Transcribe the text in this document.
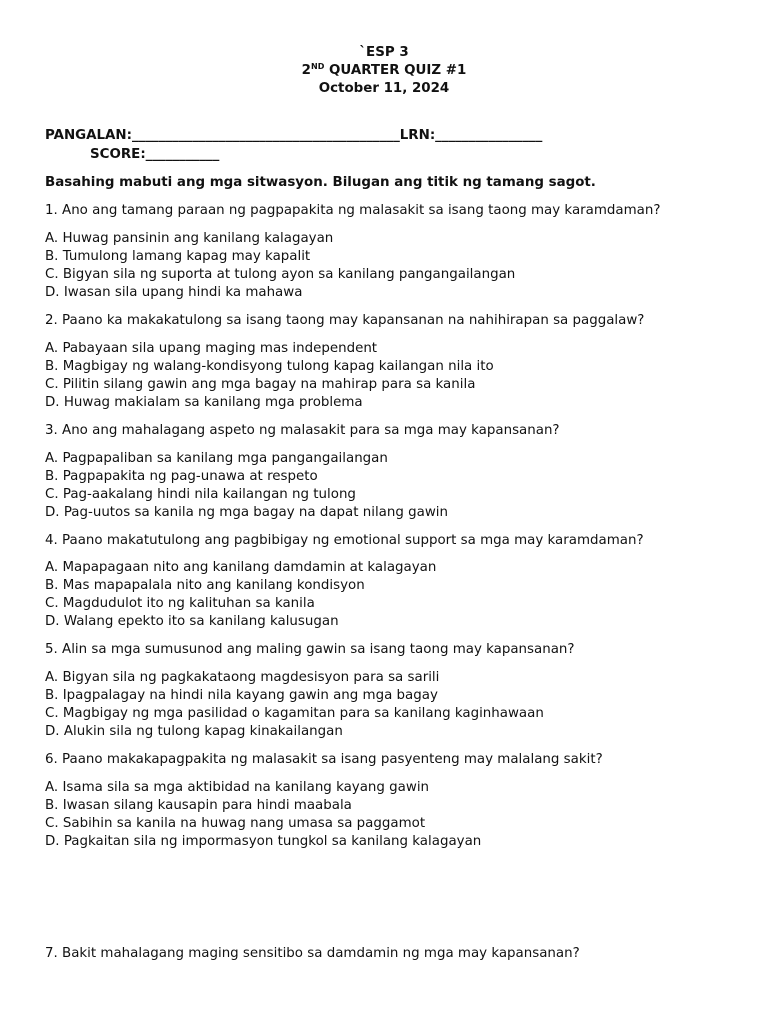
`ESP 3
2ND QUARTER QUIZ #1
October 11, 2024
PANGALAN:________________________________________LRN:________________
SCORE:___________
Basahing mabuti ang mga sitwasyon. Bilugan ang titik ng tamang sagot.
1. Ano ang tamang paraan ng pagpapakita ng malasakit sa isang taong may karamdaman?
A. Huwag pansinin ang kanilang kalagayan
B. Tumulong lamang kapag may kapalit
C. Bigyan sila ng suporta at tulong ayon sa kanilang pangangailangan
D. Iwasan sila upang hindi ka mahawa
2. Paano ka makakatulong sa isang taong may kapansanan na nahihirapan sa paggalaw?
A. Pabayaan sila upang maging mas independent
B. Magbigay ng walang-kondisyong tulong kapag kailangan nila ito
C. Pilitin silang gawin ang mga bagay na mahirap para sa kanila
D. Huwag makialam sa kanilang mga problema
3. Ano ang mahalagang aspeto ng malasakit para sa mga may kapansanan?
A. Pagpapaliban sa kanilang mga pangangailangan
B. Pagpapakita ng pag-unawa at respeto
C. Pag-aakalang hindi nila kailangan ng tulong
D. Pag-uutos sa kanila ng mga bagay na dapat nilang gawin
4. Paano makatutulong ang pagbibigay ng emotional support sa mga may karamdaman?
A. Mapapagaan nito ang kanilang damdamin at kalagayan
B. Mas mapapalala nito ang kanilang kondisyon
C. Magdudulot ito ng kalituhan sa kanila
D. Walang epekto ito sa kanilang kalusugan
5. Alin sa mga sumusunod ang maling gawin sa isang taong may kapansanan?
A. Bigyan sila ng pagkakataong magdesisyon para sa sarili
B. Ipagpalagay na hindi nila kayang gawin ang mga bagay
C. Magbigay ng mga pasilidad o kagamitan para sa kanilang kaginhawaan
D. Alukin sila ng tulong kapag kinakailangan
6. Paano makakapagpakita ng malasakit sa isang pasyenteng may malalang sakit?
A. Isama sila sa mga aktibidad na kanilang kayang gawin
B. Iwasan silang kausapin para hindi maabala
C. Sabihin sa kanila na huwag nang umasa sa paggamot
D. Pagkaitan sila ng impormasyon tungkol sa kanilang kalagayan
7. Bakit mahalagang maging sensitibo sa damdamin ng mga may kapansanan?
